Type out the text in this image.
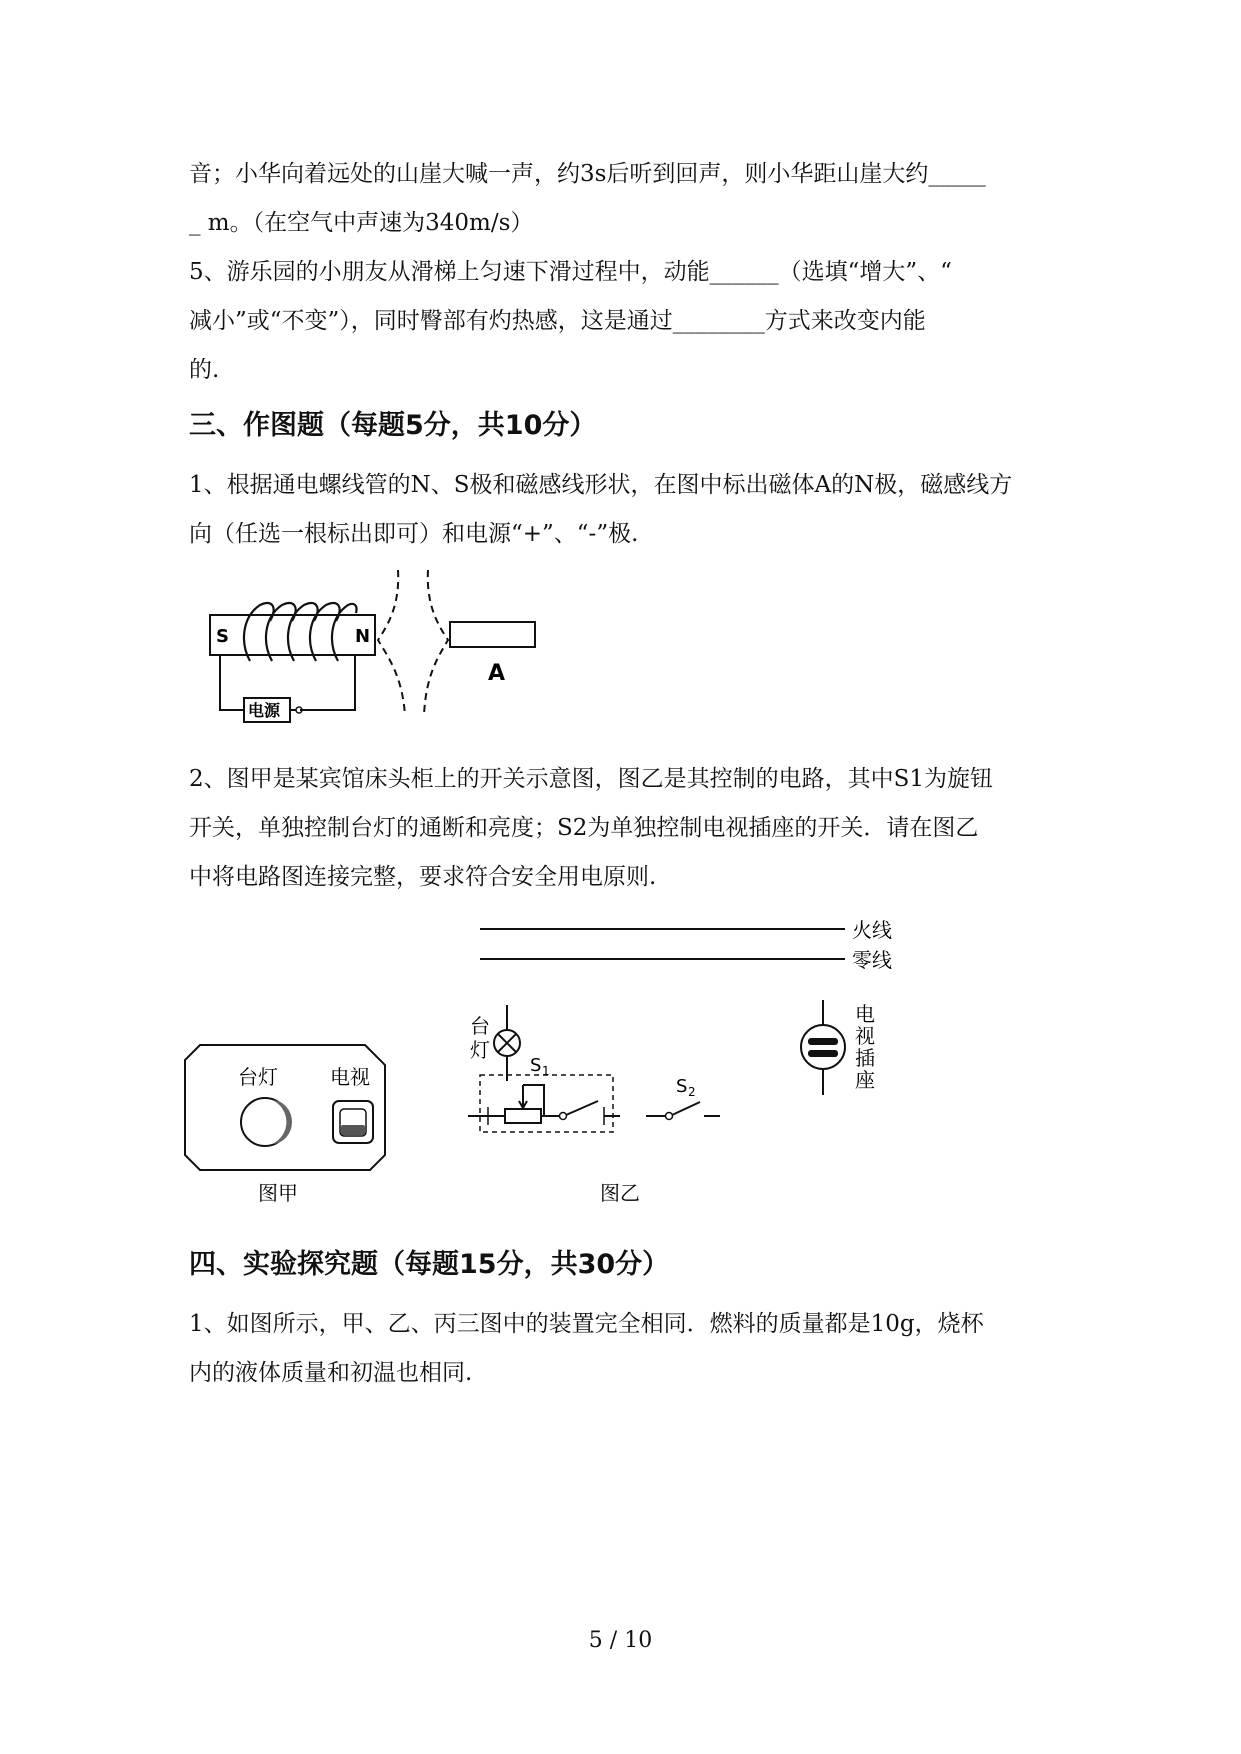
音；小华向着远处的山崖大喊一声，约3s后听到回声，则小华距山崖大约_____
_ m。（在空气中声速为340m/s）
5、游乐园的小朋友从滑梯上匀速下滑过程中，动能______（选填“增大”、“
减小”或“不变”），同时臀部有灼热感，这是通过________方式来改变内能
的.
三、作图题（每题5分，共10分）
1、根据通电螺线管的N、S极和磁感线形状，在图中标出磁体A的N极，磁感线方
向（任选一根标出即可）和电源“+”、“-”极.
S	N
电源
A
2、图甲是某宾馆床头柜上的开关示意图，图乙是其控制的电路，其中S1为旋钮
开关，单独控制台灯的通断和亮度；S2为单独控制电视插座的开关．请在图乙
中将电路图连接完整，要求符合安全用电原则.
火线
零线
台
灯
电
视
插
座
台灯	电视	S 1
S 2
图甲	图乙
四、实验探究题（每题15分，共30分）
1、如图所示，甲、乙、丙三图中的装置完全相同．燃料的质量都是10g，烧杯
内的液体质量和初温也相同.
5 / 10
